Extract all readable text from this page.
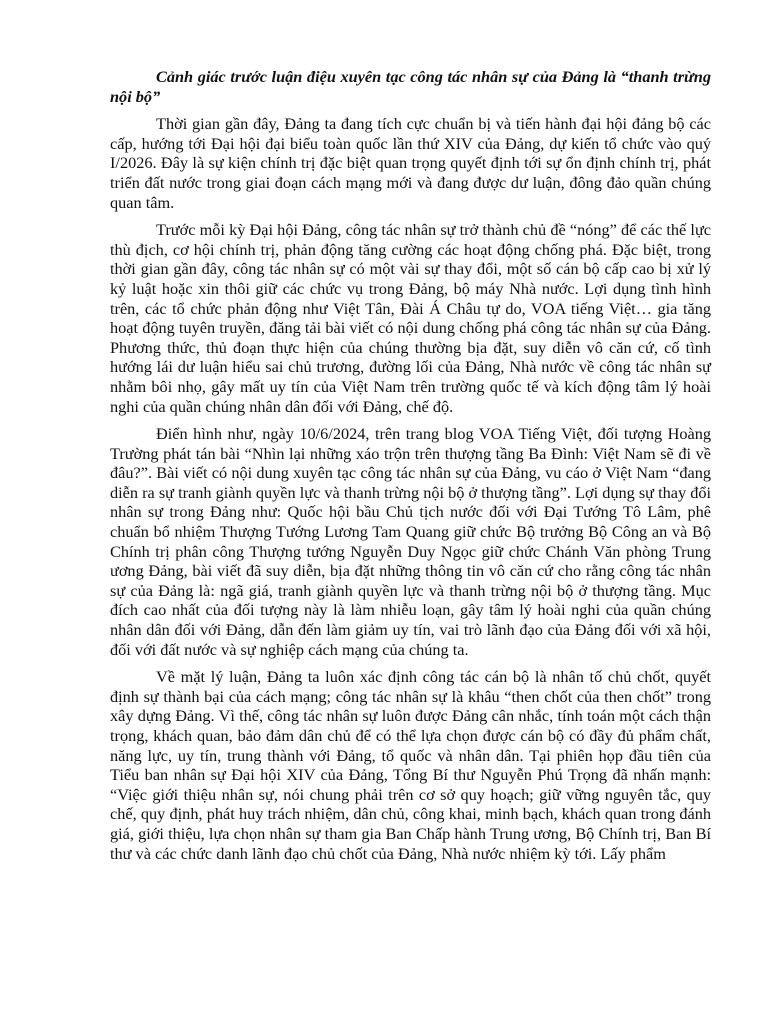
Cảnh giác trước luận điệu xuyên tạc công tác nhân sự của Đảng là “thanh trừng nội bộ”

Thời gian gần đây, Đảng ta đang tích cực chuẩn bị và tiến hành đại hội đảng bộ các cấp, hướng tới Đại hội đại biểu toàn quốc lần thứ XIV của Đảng, dự kiến tổ chức vào quý I/2026. Đây là sự kiện chính trị đặc biệt quan trọng quyết định tới sự ổn định chính trị, phát triển đất nước trong giai đoạn cách mạng mới và đang được dư luận, đông đảo quần chúng quan tâm.

Trước mỗi kỳ Đại hội Đảng, công tác nhân sự trở thành chủ đề “nóng” để các thế lực thù địch, cơ hội chính trị, phản động tăng cường các hoạt động chống phá. Đặc biệt, trong thời gian gần đây, công tác nhân sự có một vài sự thay đổi, một số cán bộ cấp cao bị xử lý kỷ luật hoặc xin thôi giữ các chức vụ trong Đảng, bộ máy Nhà nước. Lợi dụng tình hình trên, các tổ chức phản động như Việt Tân, Đài Á Châu tự do, VOA tiếng Việt… gia tăng hoạt động tuyên truyền, đăng tải bài viết có nội dung chống phá công tác nhân sự của Đảng. Phương thức, thủ đoạn thực hiện của chúng thường bịa đặt, suy diễn vô căn cứ, cố tình hướng lái dư luận hiểu sai chủ trương, đường lối của Đảng, Nhà nước về công tác nhân sự nhằm bôi nhọ, gây mất uy tín của Việt Nam trên trường quốc tế và kích động tâm lý hoài nghi của quần chúng nhân dân đối với Đảng, chế độ.

Điển hình như, ngày 10/6/2024, trên trang blog VOA Tiếng Việt, đối tượng Hoàng Trường phát tán bài “Nhìn lại những xáo trộn trên thượng tầng Ba Đình: Việt Nam sẽ đi về đâu?”. Bài viết có nội dung xuyên tạc công tác nhân sự của Đảng, vu cáo ở Việt Nam “đang diễn ra sự tranh giành quyền lực và thanh trừng nội bộ ở thượng tầng”. Lợi dụng sự thay đổi nhân sự trong Đảng như: Quốc hội bầu Chủ tịch nước đối với Đại Tướng Tô Lâm, phê chuẩn bổ nhiệm Thượng Tướng Lương Tam Quang giữ chức Bộ trưởng Bộ Công an và Bộ Chính trị phân công Thượng tướng Nguyễn Duy Ngọc giữ chức Chánh Văn phòng Trung ương Đảng, bài viết đã suy diễn, bịa đặt những thông tin vô căn cứ cho rằng công tác nhân sự của Đảng là: ngã giá, tranh giành quyền lực và thanh trừng nội bộ ở thượng tầng. Mục đích cao nhất của đối tượng này là làm nhiễu loạn, gây tâm lý hoài nghi của quần chúng nhân dân đối với Đảng, dẫn đến làm giảm uy tín, vai trò lãnh đạo của Đảng đối với xã hội, đối với đất nước và sự nghiệp cách mạng của chúng ta.

Về mặt lý luận, Đảng ta luôn xác định công tác cán bộ là nhân tố chủ chốt, quyết định sự thành bại của cách mạng; công tác nhân sự là khâu “then chốt của then chốt” trong xây dựng Đảng. Vì thế, công tác nhân sự luôn được Đảng cân nhắc, tính toán một cách thận trọng, khách quan, bảo đảm dân chủ để có thể lựa chọn được cán bộ có đầy đủ phẩm chất, năng lực, uy tín, trung thành với Đảng, tổ quốc và nhân dân. Tại phiên họp đầu tiên của Tiểu ban nhân sự Đại hội XIV của Đảng, Tổng Bí thư Nguyễn Phú Trọng đã nhấn mạnh: “Việc giới thiệu nhân sự, nói chung phải trên cơ sở quy hoạch; giữ vững nguyên tắc, quy chế, quy định, phát huy trách nhiệm, dân chủ, công khai, minh bạch, khách quan trong đánh giá, giới thiệu, lựa chọn nhân sự tham gia Ban Chấp hành Trung ương, Bộ Chính trị, Ban Bí thư và các chức danh lãnh đạo chủ chốt của Đảng, Nhà nước nhiệm kỳ tới. Lấy phẩm
